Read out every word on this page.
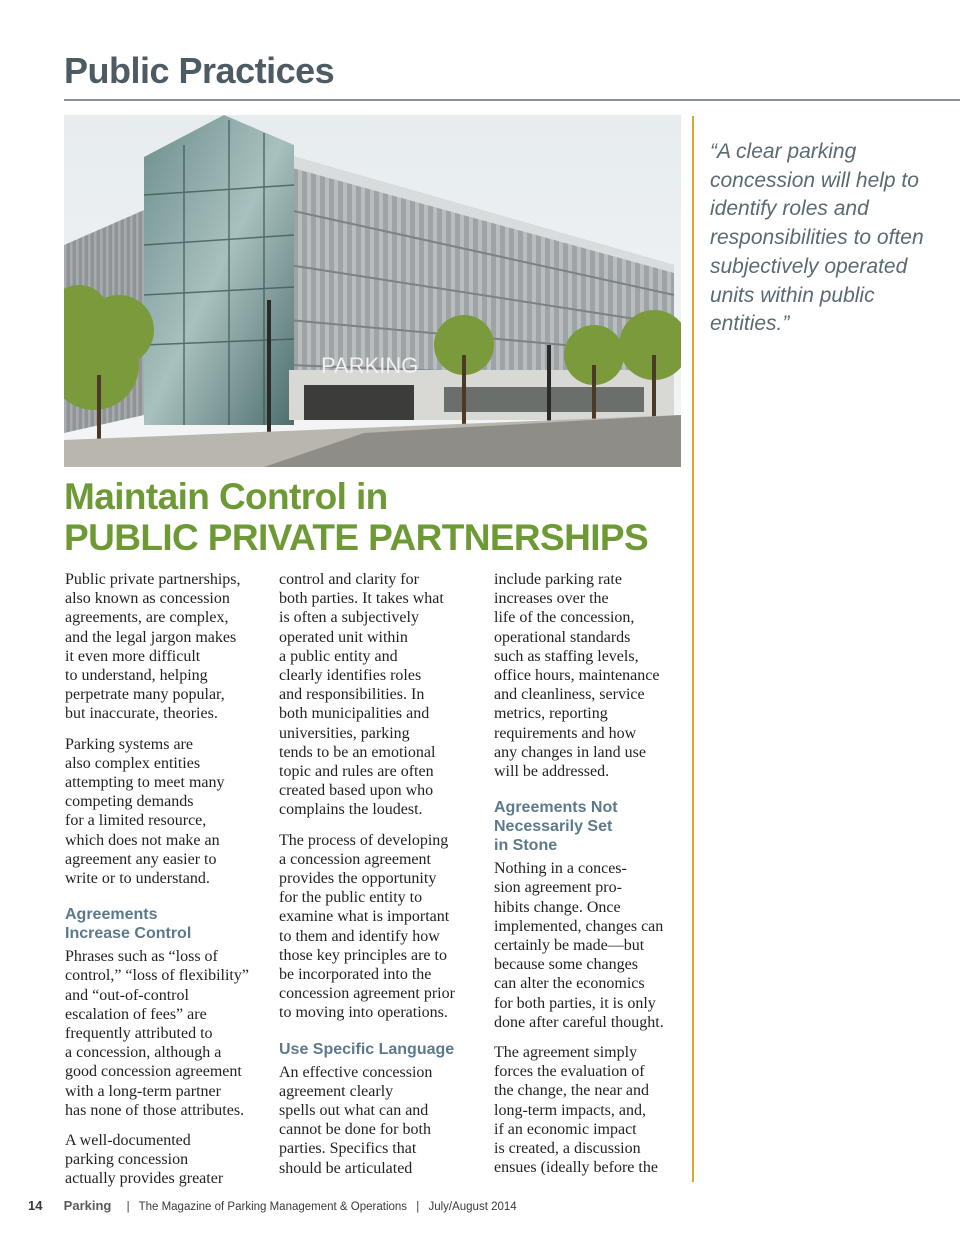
Public Practices
PARKING

“A clear parking concession will help to identify roles and responsibilities to often subjectively operated units within public entities.”

Maintain Control in
PUBLIC PRIVATE PARTNERSHIPS

Public private partnerships,
also known as concession
agreements, are complex,
and the legal jargon makes
it even more difficult
to understand, helping
perpetrate many popular,
but inaccurate, theories.

Parking systems are
also complex entities
attempting to meet many
competing demands
for a limited resource,
which does not make an
agreement any easier to
write or to understand.

Agreements
Increase Control

Phrases such as “loss of
control,” “loss of flexibility”
and “out-of-control
escalation of fees” are
frequently attributed to
a concession, although a
good concession agreement
with a long-term partner
has none of those attributes.

A well-documented
parking concession
actually provides greater

control and clarity for
both parties. It takes what
is often a subjectively
operated unit within
a public entity and
clearly identifies roles
and responsibilities. In
both municipalities and
universities, parking
tends to be an emotional
topic and rules are often
created based upon who
complains the loudest.

The process of developing
a concession agreement
provides the opportunity
for the public entity to
examine what is important
to them and identify how
those key principles are to
be incorporated into the
concession agreement prior
to moving into operations.

Use Specific Language

An effective concession
agreement clearly
spells out what can and
cannot be done for both
parties. Specifics that
should be articulated

include parking rate
increases over the
life of the concession,
operational standards
such as staffing levels,
office hours, maintenance
and cleanliness, service
metrics, reporting
requirements and how
any changes in land use
will be addressed.

Agreements Not
Necessarily Set
in Stone

Nothing in a conces-
sion agreement pro-
hibits change. Once
implemented, changes can
certainly be made—but
because some changes
can alter the economics
for both parties, it is only
done after careful thought.

The agreement simply
forces the evaluation of
the change, the near and
long-term impacts, and,
if an economic impact
is created, a discussion
ensues (ideally before the

14 Parking | The Magazine of Parking Management & Operations | July/August 2014
